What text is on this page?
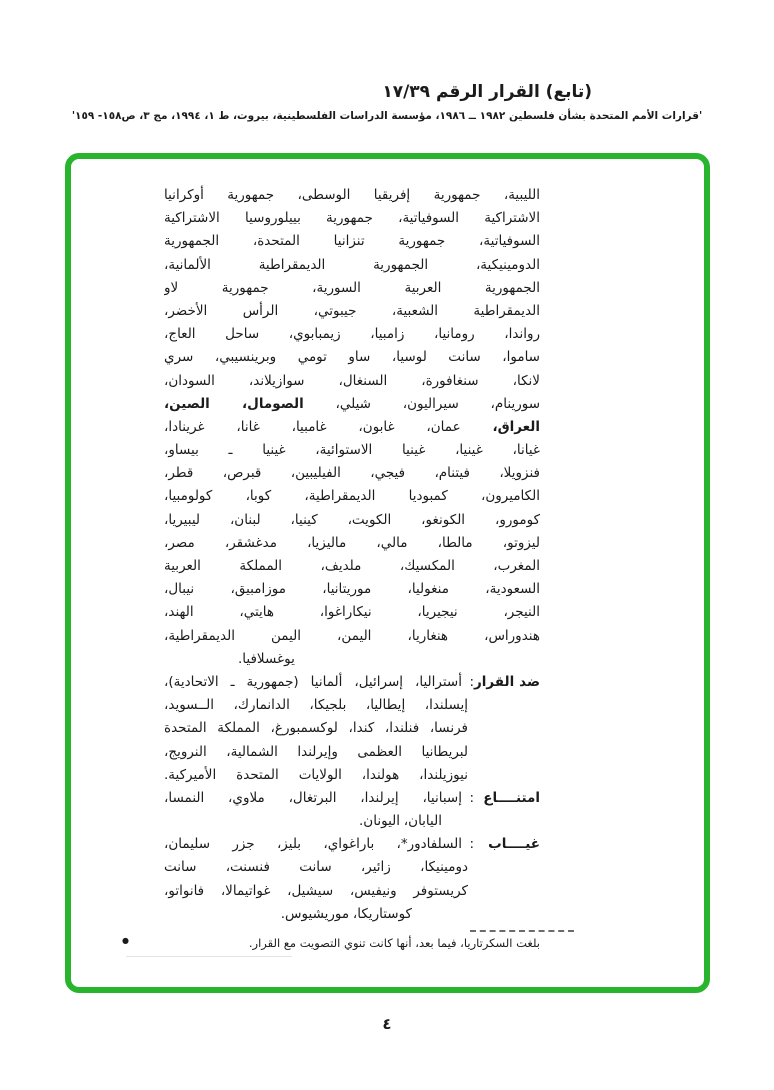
(تابع) القرار الرقم ١٧/٣٩
'قرارات الأمم المتحدة بشأن فلسطين ١٩٨٢ ــ ١٩٨٦، مؤسسة الدراسات الفلسطينية، بيروت، ط ١، ١٩٩٤، مج ٣، ص١٥٨- ١٥٩'
الليبية، جمهورية إفريقيا الوسطى، جمهورية أوكرانيا
الاشتراكية السوفياتية، جمهورية بييلوروسيا الاشتراكية
السوفياتية، جمهورية تنزانيا المتحدة، الجمهورية
الدومينيكية، الجمهورية الديمقراطية الألمانية،
الجمهورية العربية السورية، جمهورية لاو
الديمقراطية الشعبية، جيبوتي، الرأس الأخضر،
رواندا، رومانيا، زامبيا، زيمبابوي، ساحل العاج،
ساموا، سانت لوسيا، ساو تومي وبرينسيبي، سري
لانكا، سنغافورة، السنغال، سوازيلاند، السودان،
سورينام، سيراليون، شيلي، الصومال، الصين،
العراق، عمان، غابون، غامبيا، غانا، غرينادا،
غيانا، غينيا، غينيا الاستوائية، غينيا ـ بيساو،
فنزويلا، فيتنام، فيجي، الفيليبين، قبرص، قطر،
الكاميرون، كمبوديا الديمقراطية، كوبا، كولومبيا،
كومورو، الكونغو، الكويت، كينيا، لبنان، ليبيريا،
ليزوتو، مالطا، مالي، ماليزيا، مدغشقر، مصر،
المغرب، المكسيك، ملديف، المملكة العربية
السعودية، منغوليا، موريتانيا، موزامبيق، نيبال،
النيجر، نيجيريا، نيكاراغوا، هايتي، الهند،
هندوراس، هنغاريا، اليمن، اليمن الديمقراطية،
يوغسلافيا.
ضد القرار
:
أستراليا، إسرائيل، ألمانيا (جمهورية ـ الاتحادية)،
إيسلندا، إيطاليا، بلجيكا، الدانمارك، الــسويد،
فرنسا، فنلندا، كندا، لوكسمبورغ، المملكة المتحدة
لبريطانيا العظمى وإيرلندا الشمالية، النرويج،
نيوزيلندا، هولندا، الولايات المتحدة الأميركية.
امتنــــاع
:
إسبانيا، إيرلندا، البرتغال، ملاوي، النمسا،
اليابان، اليونان.
غيــــاب
:
السلفادور*، باراغواي، بليز، جزر سليمان،
دومينيكا، زائير، سانت فنسنت، سانت
كريستوفر ونيفيس، سيشيل، غواتيمالا، فانواتو،
كوستاريكا، موريشيوس.
●	بلغت السكرتاريا، فيما بعد، أنها كانت تنوي التصويت مع القرار.
٤
